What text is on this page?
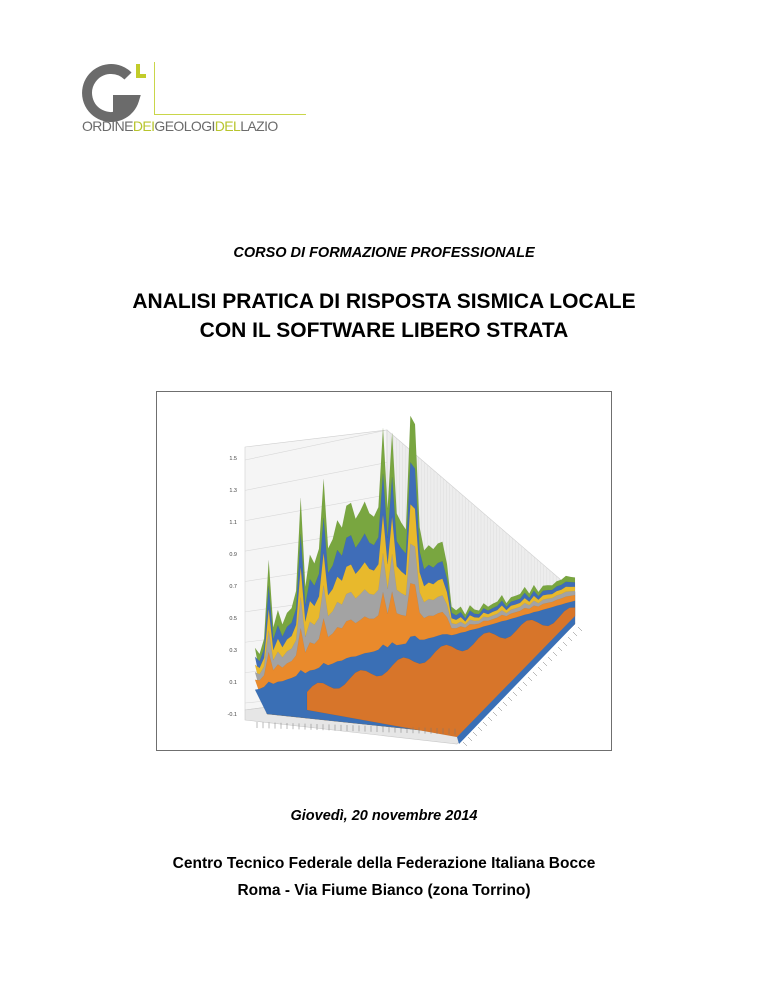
ORDINEDEIGEOLOGIDELLAZIO
CORSO DI FORMAZIONE PROFESSIONALE
ANALISI PRATICA DI RISPOSTA SISMICA LOCALE
CON IL SOFTWARE LIBERO STRATA
1.5
1.3
1.1
0.9
0.7
0.5
0.3
0.1
-0.1
Giovedì, 20 novembre 2014
Centro Tecnico Federale della Federazione Italiana Bocce
Roma - Via Fiume Bianco (zona Torrino)
